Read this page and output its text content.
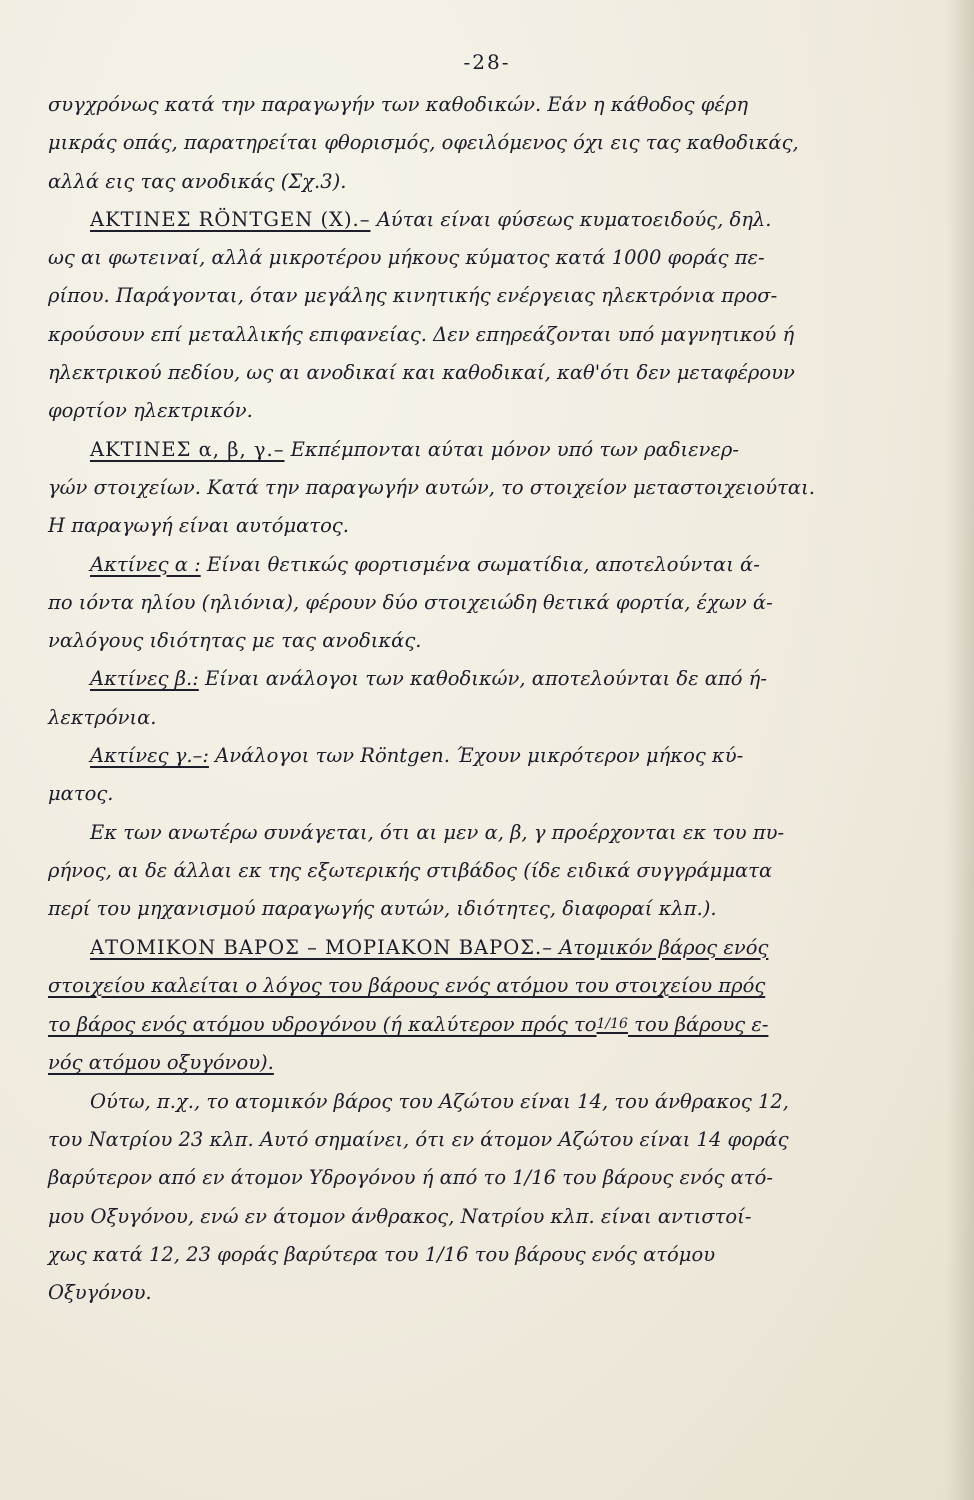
-28-

συγχρόνως κατά την παραγωγήν των καθοδικών. Εάν η κάθοδος φέρη
μικράς οπάς, παρατηρείται φθορισμός, οφειλόμενος όχι εις τας καθοδικάς,
αλλά εις τας ανοδικάς (Σχ.3).

ΑΚΤΙΝΕΣ RÖNTGEN (X).– Αύται είναι φύσεως κυματοειδούς, δηλ.

ως αι φωτειναί, αλλά μικροτέρου μήκους κύματος κατά 1000 φοράς πε-
ρίπου. Παράγονται, όταν μεγάλης κινητικής ενέργειας ηλεκτρόνια προσ-
κρούσουν επί μεταλλικής επιφανείας. Δεν επηρεάζονται υπό μαγνητικού ή
ηλεκτρικού πεδίου, ως αι ανοδικαί και καθοδικαί, καθ'ότι δεν μεταφέρουν
φορτίον ηλεκτρικόν.

ΑΚΤΙΝΕΣ α, β, γ.– Εκπέμπονται αύται μόνον υπό των ραδιενερ-

γών στοιχείων. Κατά την παραγωγήν αυτών, το στοιχείον μεταστοιχειούται.
Η παραγωγή είναι αυτόματος.

Ακτίνες α : Είναι θετικώς φορτισμένα σωματίδια, αποτελούνται ά-

πο ιόντα ηλίου (ηλιόνια), φέρουν δύο στοιχειώδη θετικά φορτία, έχων ά-
ναλόγους ιδιότητας με τας ανοδικάς.

Ακτίνες β.: Είναι ανάλογοι των καθοδικών, αποτελούνται δε από ή-

λεκτρόνια.

Ακτίνες γ.–: Ανάλογοι των Röntgen. Έχουν μικρότερον μήκος κύ-

ματος.

Εκ των ανωτέρω συνάγεται, ότι αι μεν α, β, γ προέρχονται εκ του πυ-

ρήνος, αι δε άλλαι εκ της εξωτερικής στιβάδος (ίδε ειδικά συγγράμματα
περί του μηχανισμού παραγωγής αυτών, ιδιότητες, διαφοραί κλπ.).

ΑΤΟΜΙΚΟΝ ΒΑΡΟΣ – ΜΟΡΙΑΚΟΝ ΒΑΡΟΣ.– Ατομικόν βάρος ενός

στοιχείου καλείται ο λόγος του βάρους ενός ατόμου του στοιχείου πρός
το βάρος ενός ατόμου υδρογόνου (ή καλύτερον πρός το1/16 του βάρους ε-
νός ατόμου οξυγόνου).

Ούτω, π.χ., το ατομικόν βάρος του Αζώτου είναι 14, του άνθρακος 12,

του Νατρίου 23 κλπ. Αυτό σημαίνει, ότι εν άτομον Αζώτου είναι 14 φοράς
βαρύτερον από εν άτομον Υδρογόνου ή από το 1/16 του βάρους ενός ατό-
μου Οξυγόνου, ενώ εν άτομον άνθρακος, Νατρίου κλπ. είναι αντιστοί-
χως κατά 12, 23 φοράς βαρύτερα του 1/16 του βάρους ενός ατόμου
Οξυγόνου.
